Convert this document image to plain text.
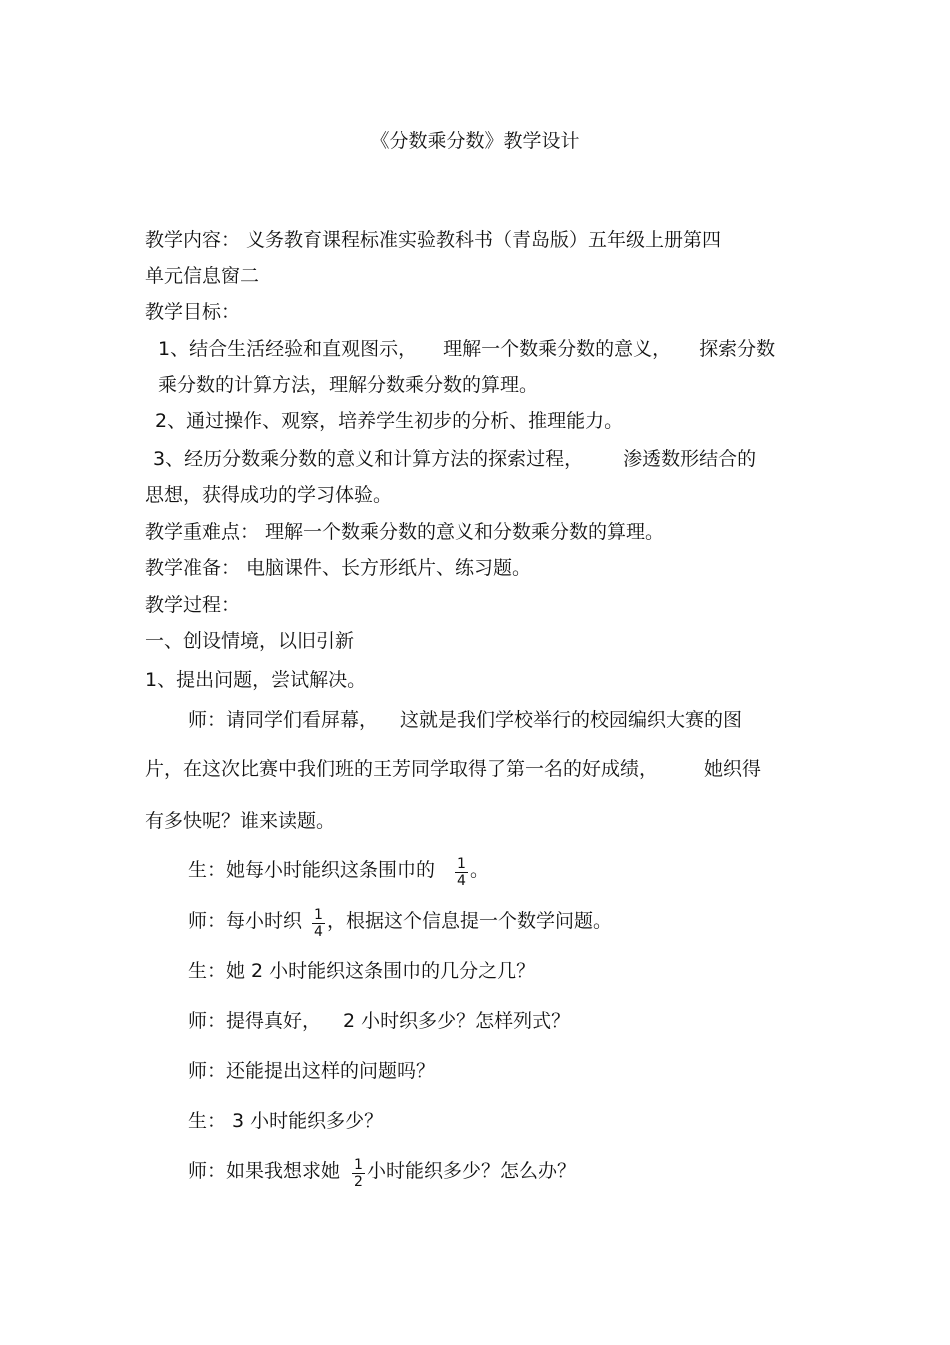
《分数乘分数》教学设计

教学内容： 义务教育课程标准实验教科书（青岛版）五年级上册第四

单元信息窗二

教学目标：

1、结合生活经验和直观图示， 理解一个数乘分数的意义， 探索分数

乘分数的计算方法，理解分数乘分数的算理。

2、通过操作、观察，培养学生初步的分析、推理能力。

3、经历分数乘分数的意义和计算方法的探索过程， 渗透数形结合的

思想，获得成功的学习体验。

教学重难点： 理解一个数乘分数的意义和分数乘分数的算理。

教学准备： 电脑课件、长方形纸片、练习题。

教学过程：

一、创设情境，以旧引新

1、提出问题，尝试解决。

师：请同学们看屏幕， 这就是我们学校举行的校园编织大赛的图

片，在这次比赛中我们班的王芳同学取得了第一名的好成绩， 她织得

有多快呢？谁来读题。

生：她每小时能织这条围巾的 $\frac{1}{4}$ 。

师：每小时织 $\frac{1}{4}$ ，根据这个信息提一个数学问题。

生：她 2 小时能织这条围巾的几分之几？

师：提得真好， 2 小时织多少？怎样列式？

师：还能提出这样的问题吗？

生： 3 小时能织多少？

师：如果我想求她 $\frac{1}{2}$ 小时能织多少？怎么办？
